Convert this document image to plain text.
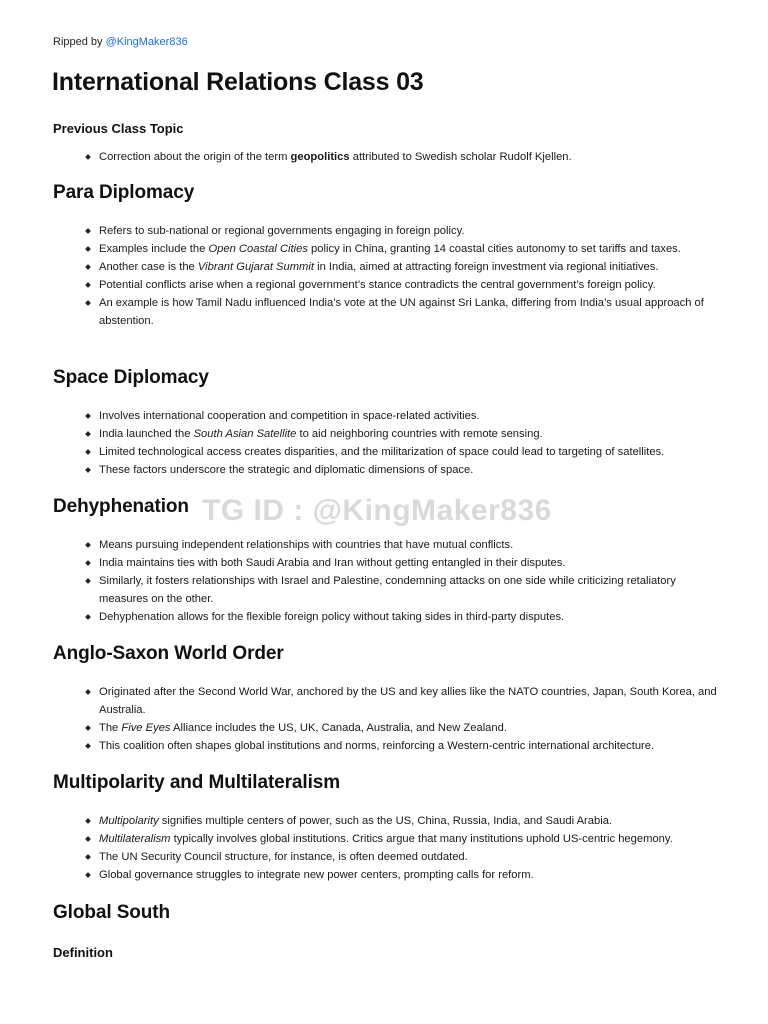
Ripped by @KingMaker836
International Relations Class 03
Previous Class Topic
Correction about the origin of the term geopolitics attributed to Swedish scholar Rudolf Kjellen.
Para Diplomacy
Refers to sub-national or regional governments engaging in foreign policy.
Examples include the Open Coastal Cities policy in China, granting 14 coastal cities autonomy to set tariffs and taxes.
Another case is the Vibrant Gujarat Summit in India, aimed at attracting foreign investment via regional initiatives.
Potential conflicts arise when a regional government’s stance contradicts the central government’s foreign policy.
An example is how Tamil Nadu influenced India’s vote at the UN against Sri Lanka, differing from India’s usual approach of abstention.
Space Diplomacy
Involves international cooperation and competition in space-related activities.
India launched the South Asian Satellite to aid neighboring countries with remote sensing.
Limited technological access creates disparities, and the militarization of space could lead to targeting of satellites.
These factors underscore the strategic and diplomatic dimensions of space.
Dehyphenation
Means pursuing independent relationships with countries that have mutual conflicts.
India maintains ties with both Saudi Arabia and Iran without getting entangled in their disputes.
Similarly, it fosters relationships with Israel and Palestine, condemning attacks on one side while criticizing retaliatory measures on the other.
Dehyphenation allows for the flexible foreign policy without taking sides in third-party disputes.
Anglo-Saxon World Order
Originated after the Second World War, anchored by the US and key allies like the NATO countries, Japan, South Korea, and Australia.
The Five Eyes Alliance includes the US, UK, Canada, Australia, and New Zealand.
This coalition often shapes global institutions and norms, reinforcing a Western-centric international architecture.
Multipolarity and Multilateralism
Multipolarity signifies multiple centers of power, such as the US, China, Russia, India, and Saudi Arabia.
Multilateralism typically involves global institutions. Critics argue that many institutions uphold US-centric hegemony.
The UN Security Council structure, for instance, is often deemed outdated.
Global governance struggles to integrate new power centers, prompting calls for reform.
Global South
Definition
TG ID : @KingMaker836
